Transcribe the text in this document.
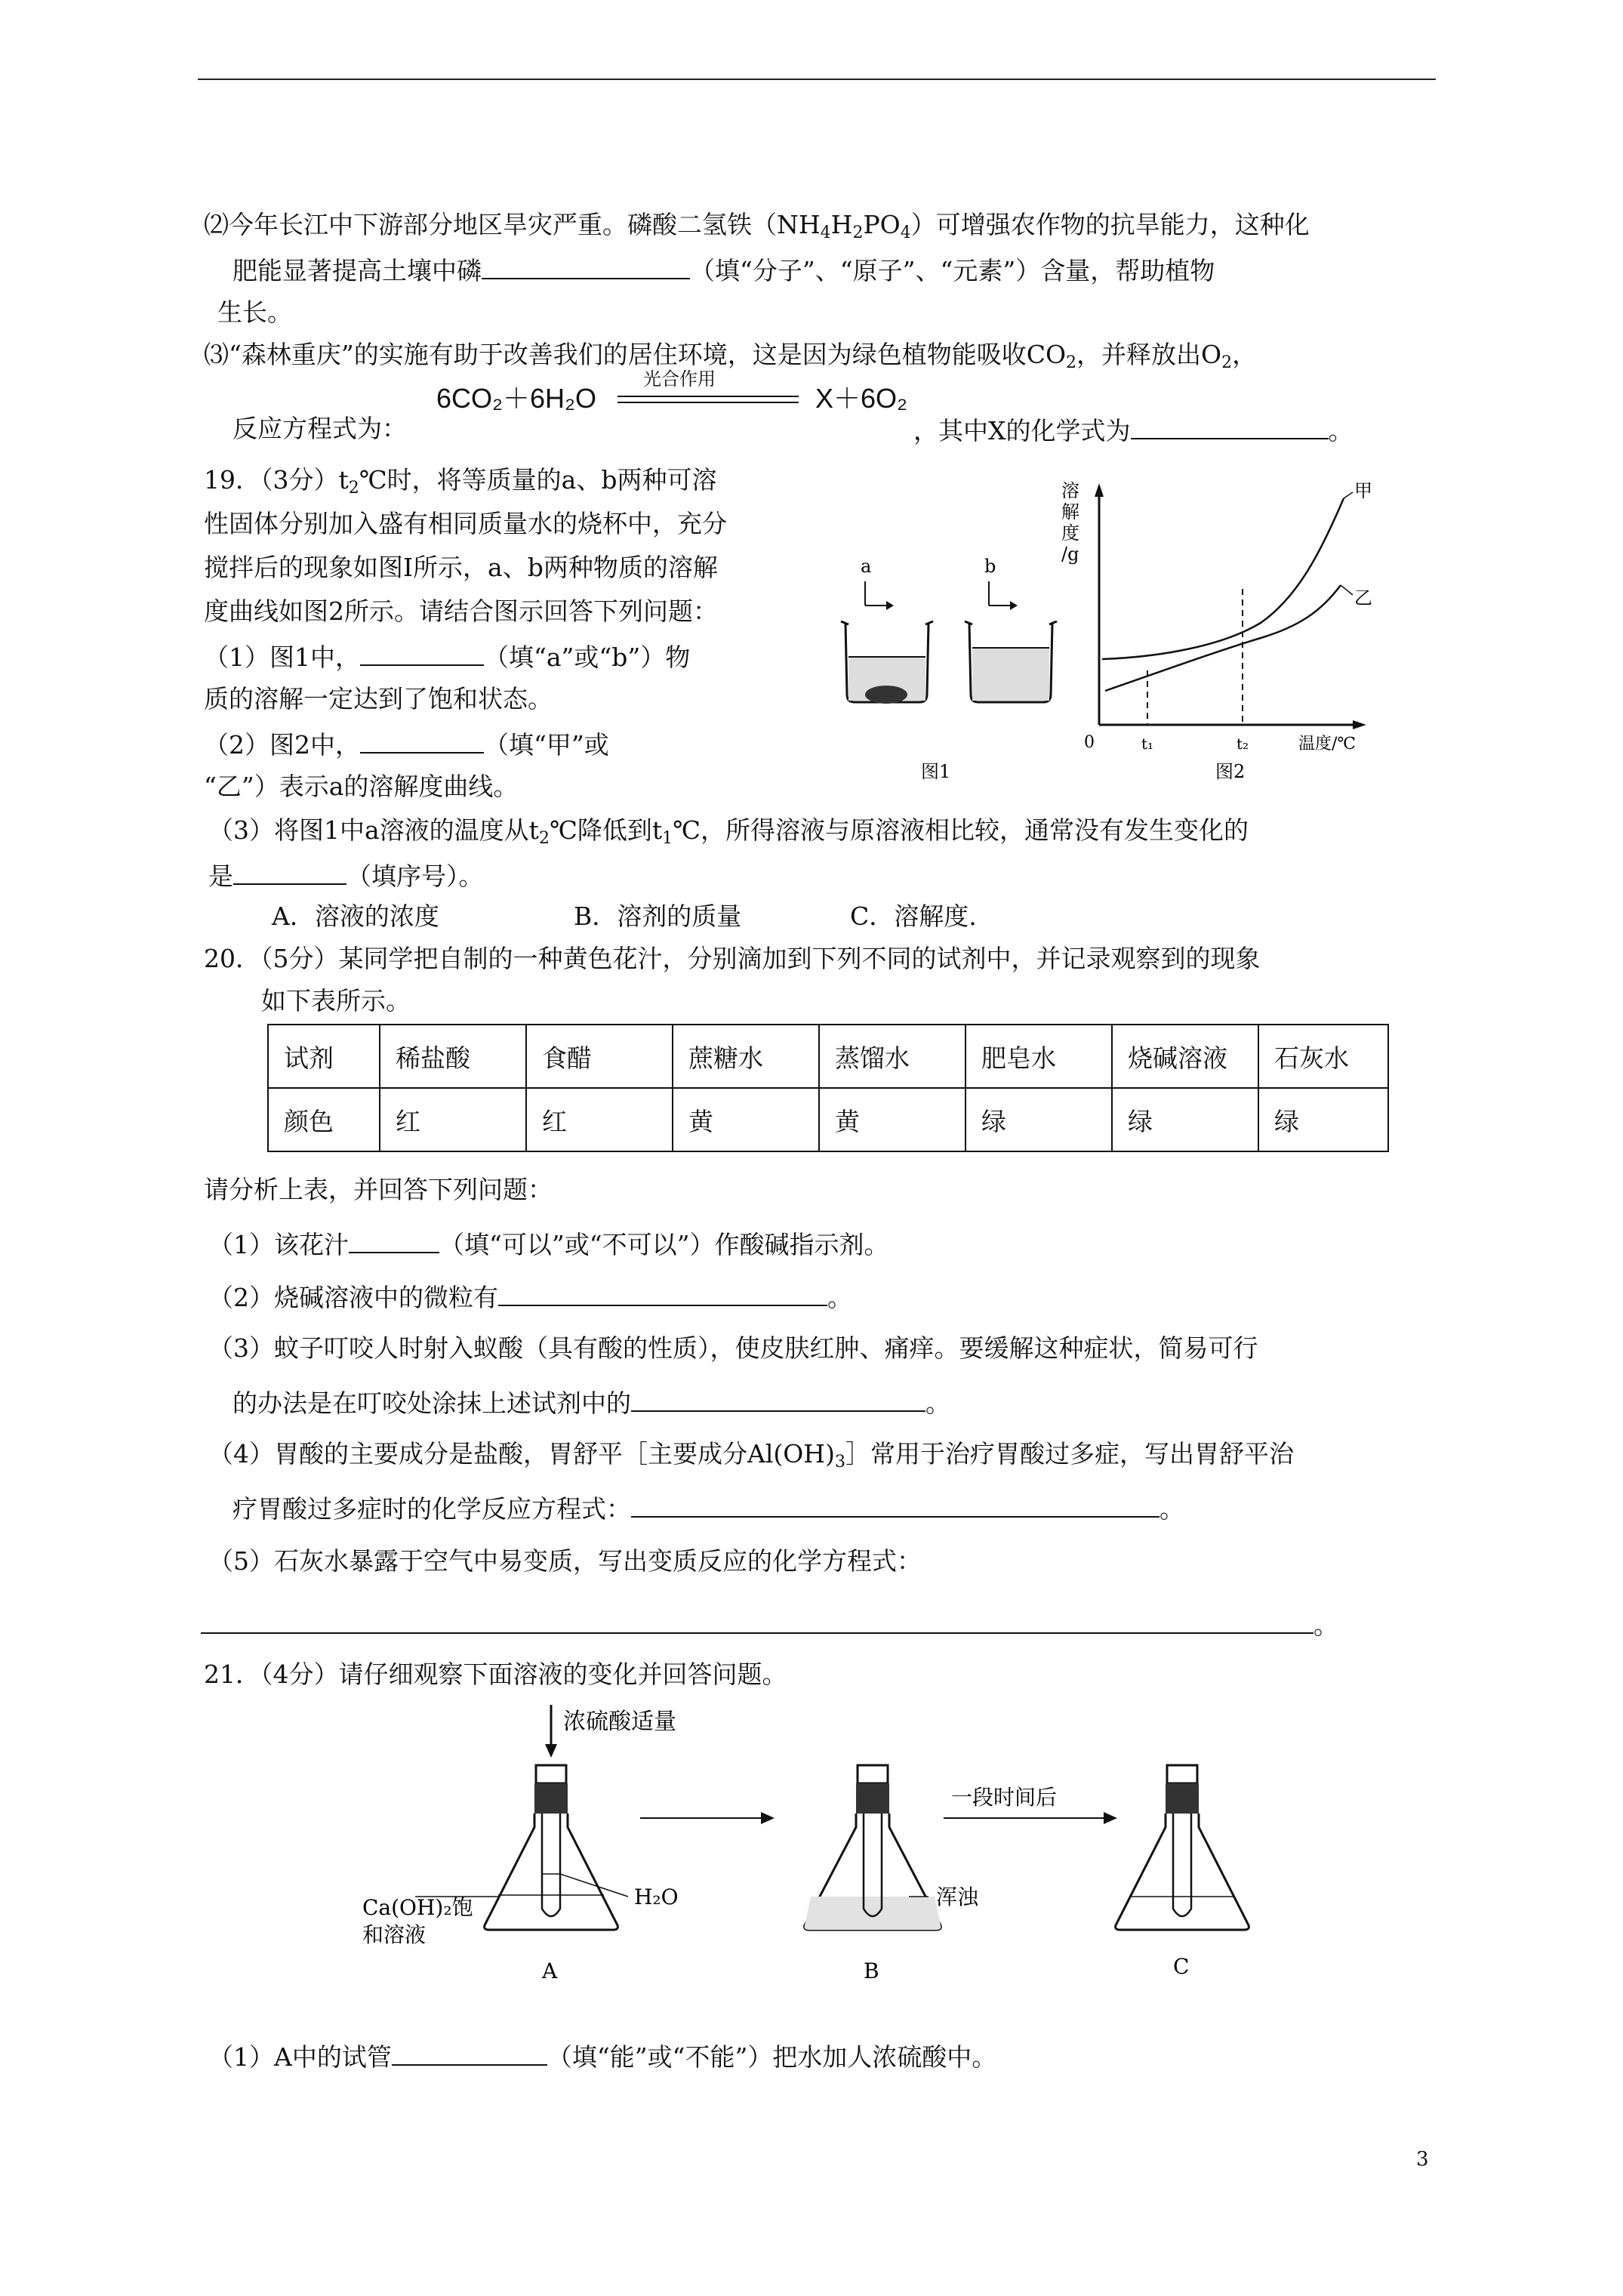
⑵今年长江中下游部分地区旱灾严重。磷酸二氢铁$(NH_4H_2PO_4)$可增强农作物的抗旱能力，这种化
肥能显著提高土壤中磷	（填“分子”、“原子”、“元素”）含量，帮助植物
生长。
⑶“森林重庆”的实施有助于改善我们的居住环境，这是因为绿色植物能吸收$CO_2$，并释放出$O_2$，
反应方程式为：
6CO₂＋6H₂O
光合作用
X＋6O₂
，其中X的化学式为	。
19．（3分）$t_2℃$时，将等质量的a、b两种可溶
性固体分别加入盛有相同质量水的烧杯中，充分
搅拌后的现象如图I所示，a、b两种物质的溶解
度曲线如图2所示。请结合图示回答下列问题：
（1）图1中，	（填“a”或“b”）物
质的溶解一定达到了饱和状态。
（2）图2中，	（填“甲”或
“乙”）表示a的溶解度曲线。
（3）将图1中a溶液的温度从$t_2℃$降低到$t_1℃$，所得溶液与原溶液相比较，通常没有发生变化的
是	（填序号）。
A．溶液的浓度	B．溶剂的质量	C．溶解度.
a	b
图1
溶
解
度
/g
甲
乙
0	t₁	t₂	温度/℃
图2
20．（5分）某同学把自制的一种黄色花汁，分别滴加到下列不同的试剂中，并记录观察到的现象
如下表所示。
试剂	稀盐酸	食醋	蔗糖水	蒸馏水	肥皂水	烧碱溶液	石灰水
颜色	红	红	黄	黄	绿	绿	绿
请分析上表，并回答下列问题：
（1）该花汁	（填“可以”或“不可以”）作酸碱指示剂。
（2）烧碱溶液中的微粒有	。
（3）蚊子叮咬人时射入蚁酸（具有酸的性质），使皮肤红肿、痛痒。要缓解这种症状，简易可行
的办法是在叮咬处涂抹上述试剂中的	。
（4）胃酸的主要成分是盐酸，胃舒平［主要成分$Al(OH)_3]$常用于治疗胃酸过多症，写出胃舒平治
疗胃酸过多症时的化学反应方程式：	。
（5）石灰水暴露于空气中易变质，写出变质反应的化学方程式：
。
21．（4分）请仔细观察下面溶液的变化并回答问题。
浓硫酸适量
Ca(OH)₂饱
和溶液
H₂O
A
浑浊
B
一段时间后
C
（1）A中的试管	（填“能”或“不能”）把水加人浓硫酸中。
3
